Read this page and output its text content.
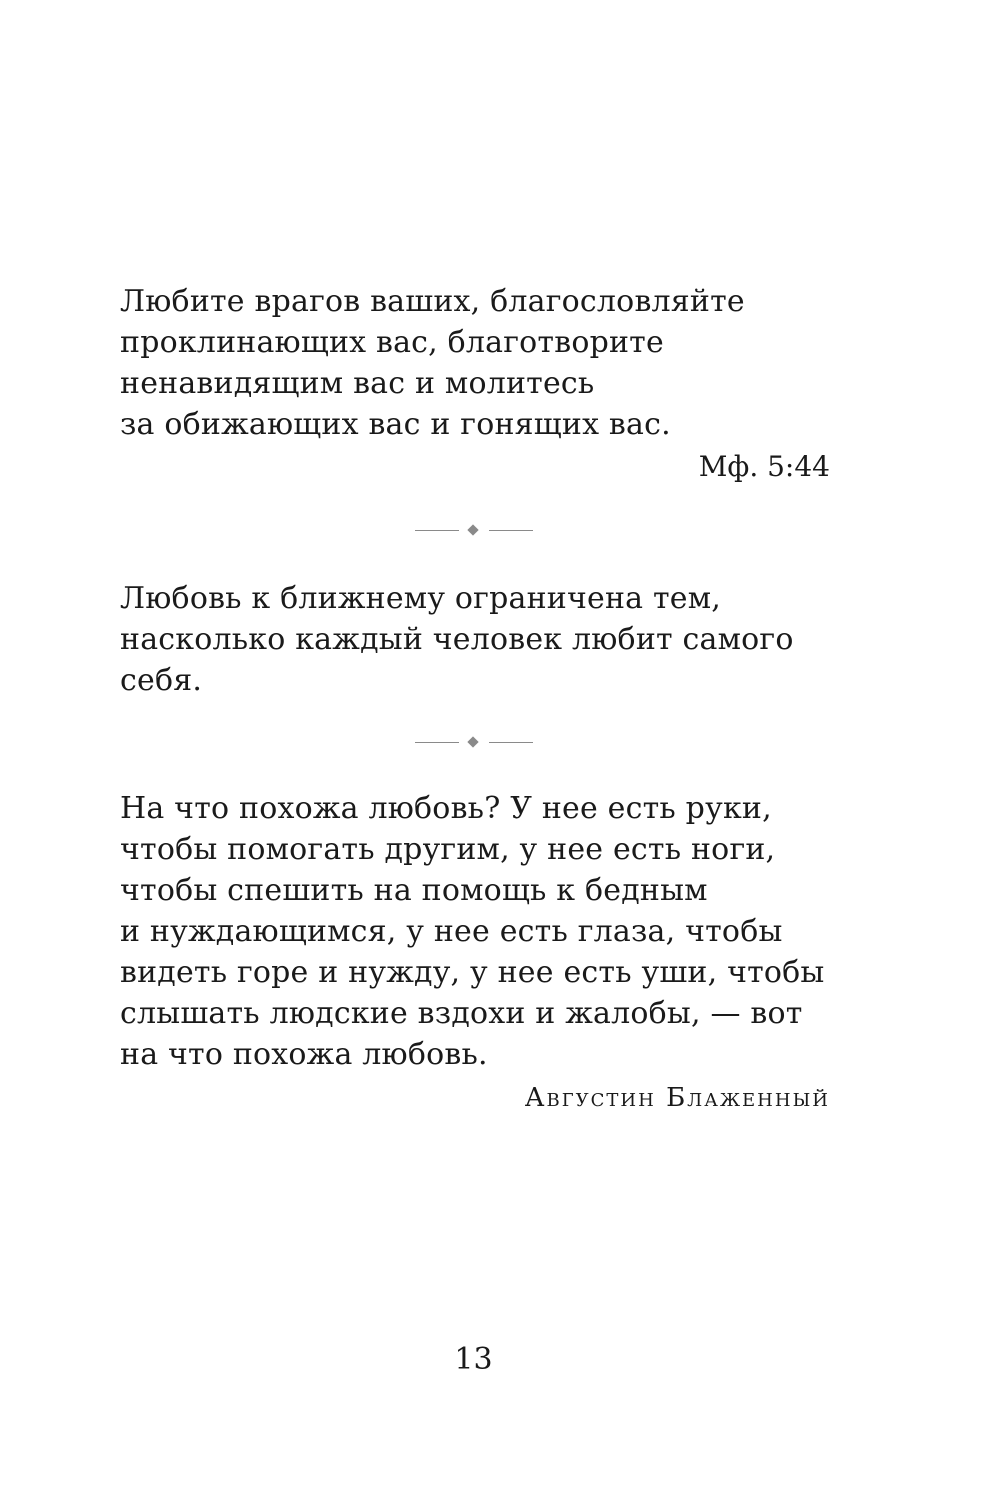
Любите врагов ваших, благословляйте
проклинающих вас, благотворите
ненавидящим вас и молитесь
за обижающих вас и гонящих вас.
Мф. 5:44
Любовь к ближнему ограничена тем,
насколько каждый человек любит самого
себя.
На что похожа любовь? У нее есть руки,
чтобы помогать другим, у нее есть ноги,
чтобы спешить на помощь к бедным
и нуждающимся, у нее есть глаза, чтобы
видеть горе и нужду, у нее есть уши, чтобы
слышать людские вздохи и жалобы, — вот
на что похожа любовь.
Августин Блаженный
13
